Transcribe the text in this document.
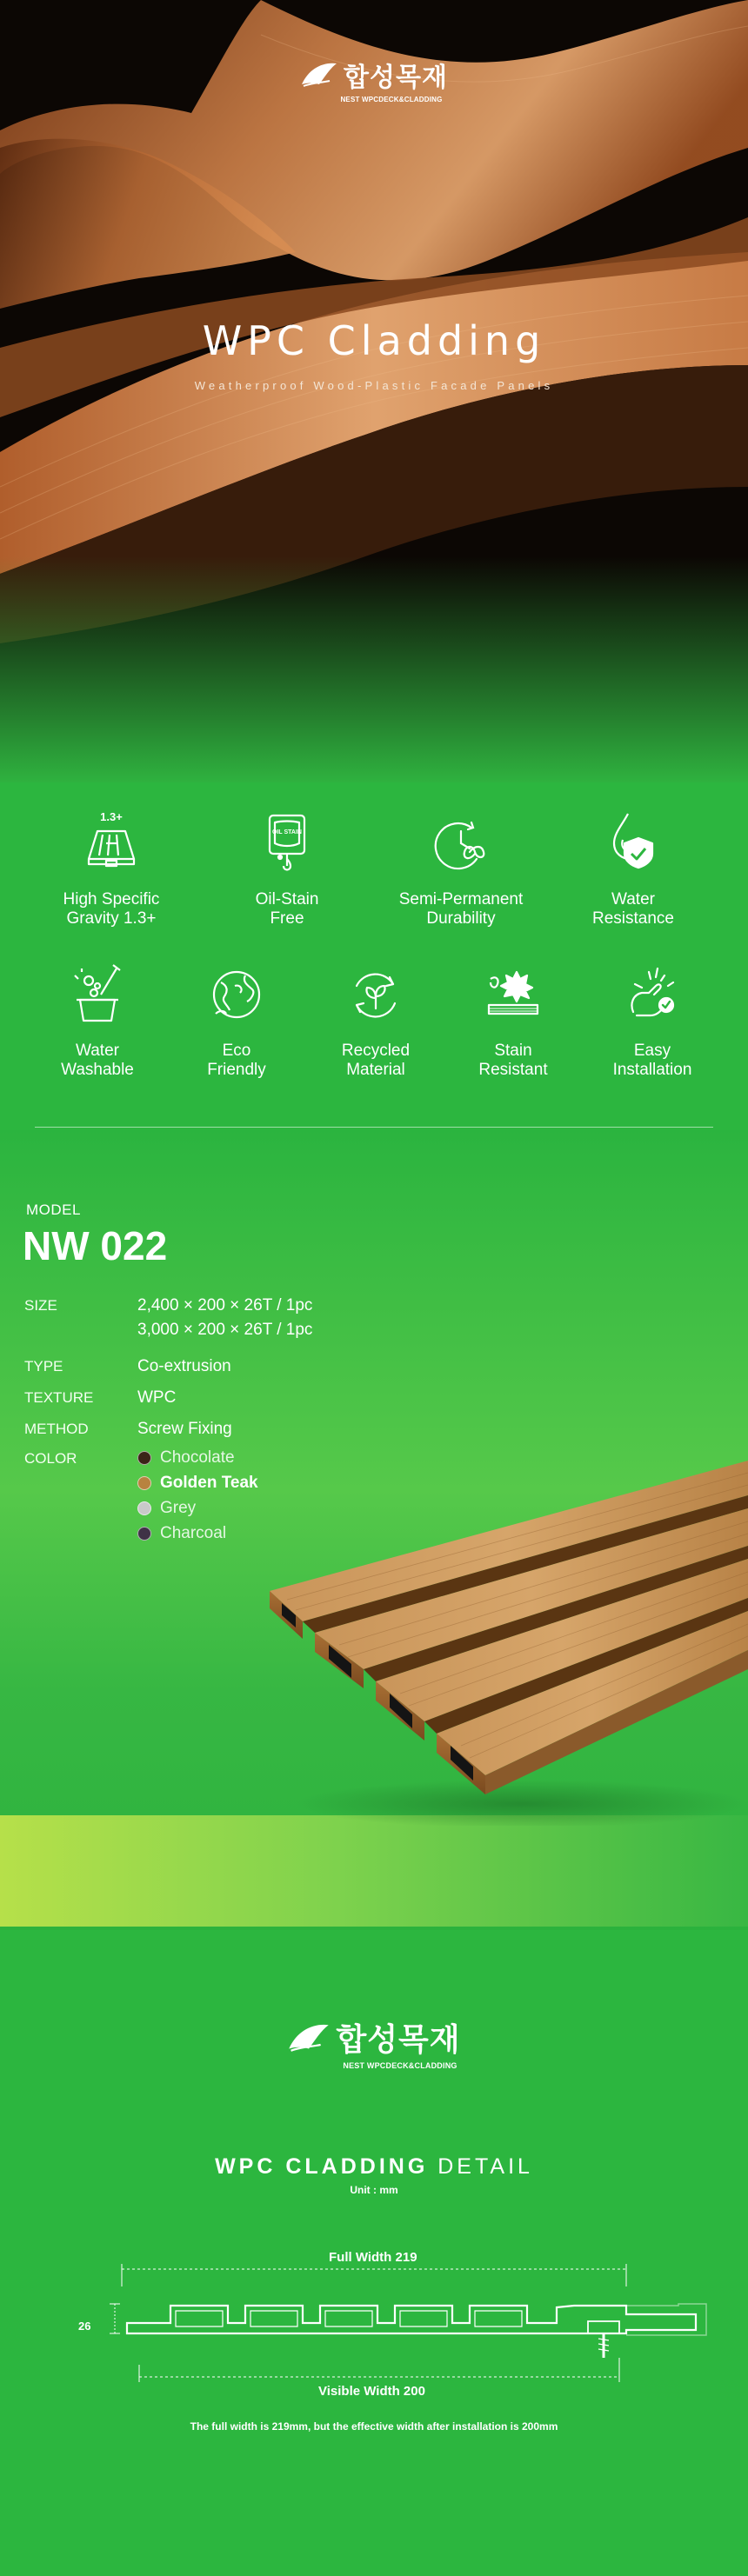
합성목재
NEST WPCDECK&CLADDING
WPC Cladding
Weatherproof Wood-Plastic Facade Panels
1.3+
High Specific
Gravity 1.3+
OIL STAIN
Oil-Stain
Free
Semi-Permanent
Durability
Water
Resistance
Water
Washable
Eco
Friendly
Recycled
Material
Stain
Resistant
Easy
Installation
MODEL
NW 022
SIZE	2,400 × 200 × 26T / 1pc
3,000 × 200 × 26T / 1pc
TYPE	Co-extrusion
TEXTURE	WPC
METHOD	Screw Fixing
COLOR	Chocolate
Golden Teak
Grey
Charcoal
합성목재
NEST WPCDECK&CLADDING
WPC CLADDING DETAIL
Unit : mm
Full Width 219
26
Visible Width 200
The full width is 219mm, but the effective width after installation is 200mm
